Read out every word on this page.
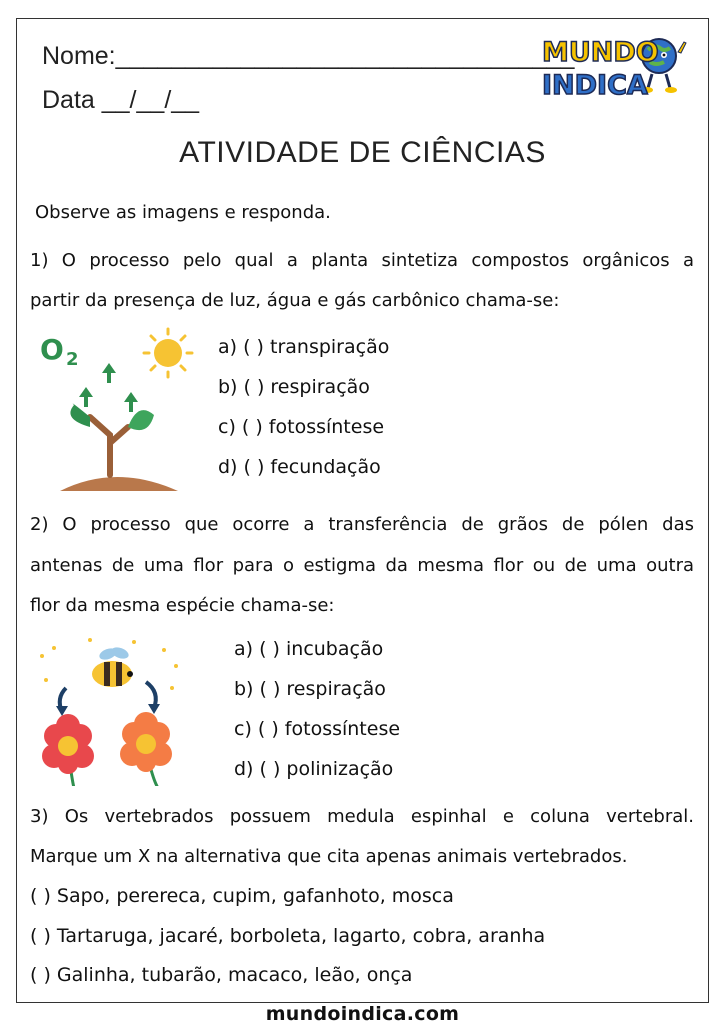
Nome:_________________________________
Data __/__/__
MUNDO
INDICA
ATIVIDADE DE CIÊNCIAS
Observe as imagens e responda.
1) O processo pelo qual a planta sintetiza compostos orgânicos a
partir da presença de luz, água e gás carbônico chama-se:
O 2
a) ( ) transpiração
b) ( ) respiração
c) ( ) fotossíntese
d) ( ) fecundação
2) O processo que ocorre a transferência de grãos de pólen das
antenas de uma flor para o estigma da mesma flor ou de uma outra
flor da mesma espécie chama-se:
a) ( ) incubação
b) ( ) respiração
c) ( ) fotossíntese
d) ( ) polinização
3) Os vertebrados possuem medula espinhal e coluna vertebral.
Marque um X na alternativa que cita apenas animais vertebrados.
( ) Sapo, perereca, cupim, gafanhoto, mosca
( ) Tartaruga, jacaré, borboleta, lagarto, cobra, aranha
( ) Galinha, tubarão, macaco, leão, onça
mundoindica.com
